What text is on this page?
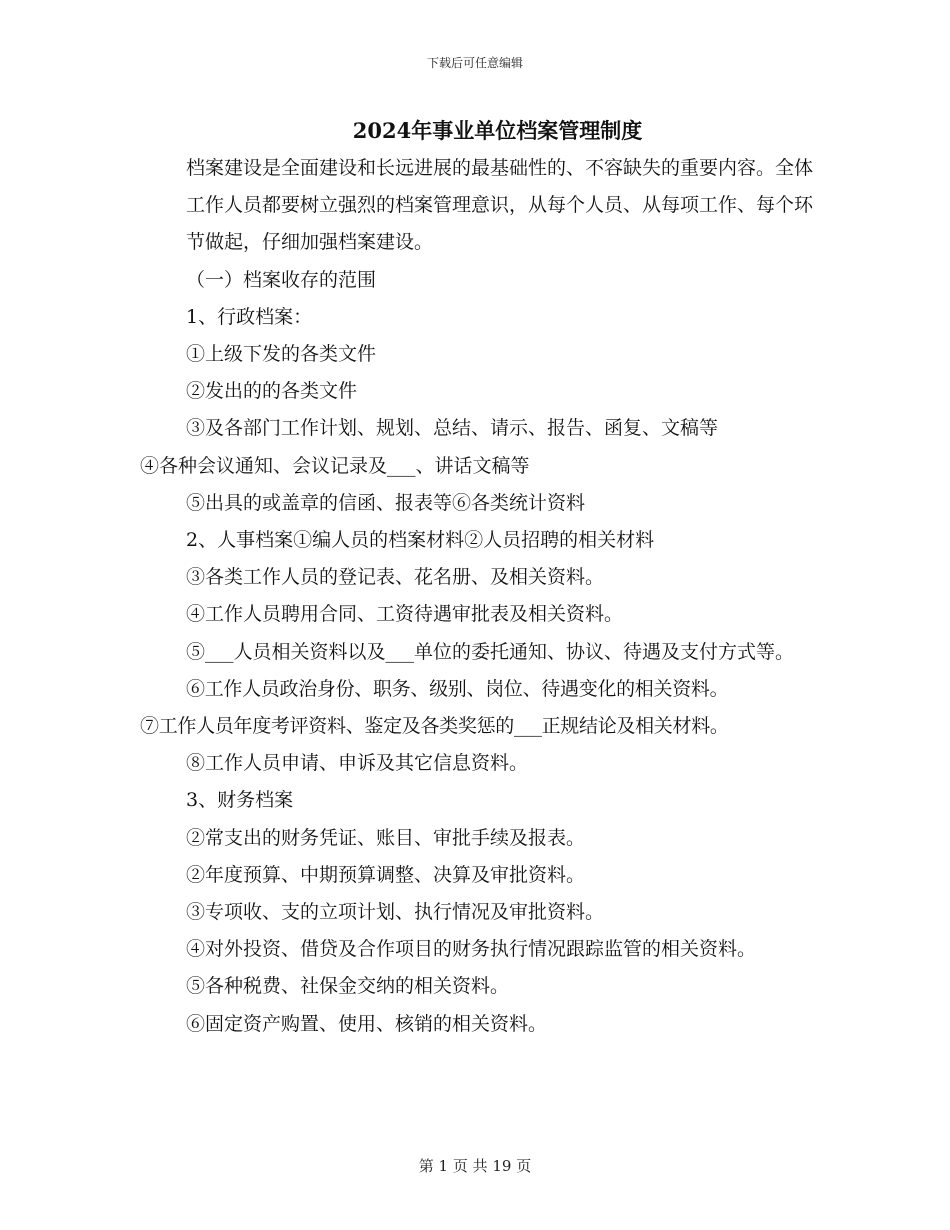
下载后可任意编辑
2024年事业单位档案管理制度

档案建设是全面建设和长远进展的最基础性的、不容缺失的重要内容。全体工作人员都要树立强烈的档案管理意识，从每个人员、从每项工作、每个环节做起，仔细加强档案建设。

（一）档案收存的范围

1、行政档案：

①上级下发的各类文件

②发出的的各类文件

③及各部门工作计划、规划、总结、请示、报告、函复、文稿等

④各种会议通知、会议记录及___、讲话文稿等

⑤出具的或盖章的信函、报表等⑥各类统计资料

2、人事档案①编人员的档案材料②人员招聘的相关材料

③各类工作人员的登记表、花名册、及相关资料。

④工作人员聘用合同、工资待遇审批表及相关资料。

⑤___人员相关资料以及___单位的委托通知、协议、待遇及支付方式等。

⑥工作人员政治身份、职务、级别、岗位、待遇变化的相关资料。

⑦工作人员年度考评资料、鉴定及各类奖惩的___正规结论及相关材料。

⑧工作人员申请、申诉及其它信息资料。

3、财务档案

②常支出的财务凭证、账目、审批手续及报表。

②年度预算、中期预算调整、决算及审批资料。

③专项收、支的立项计划、执行情况及审批资料。

④对外投资、借贷及合作项目的财务执行情况跟踪监管的相关资料。

⑤各种税费、社保金交纳的相关资料。

⑥固定资产购置、使用、核销的相关资料。

第 1 页 共 19 页
